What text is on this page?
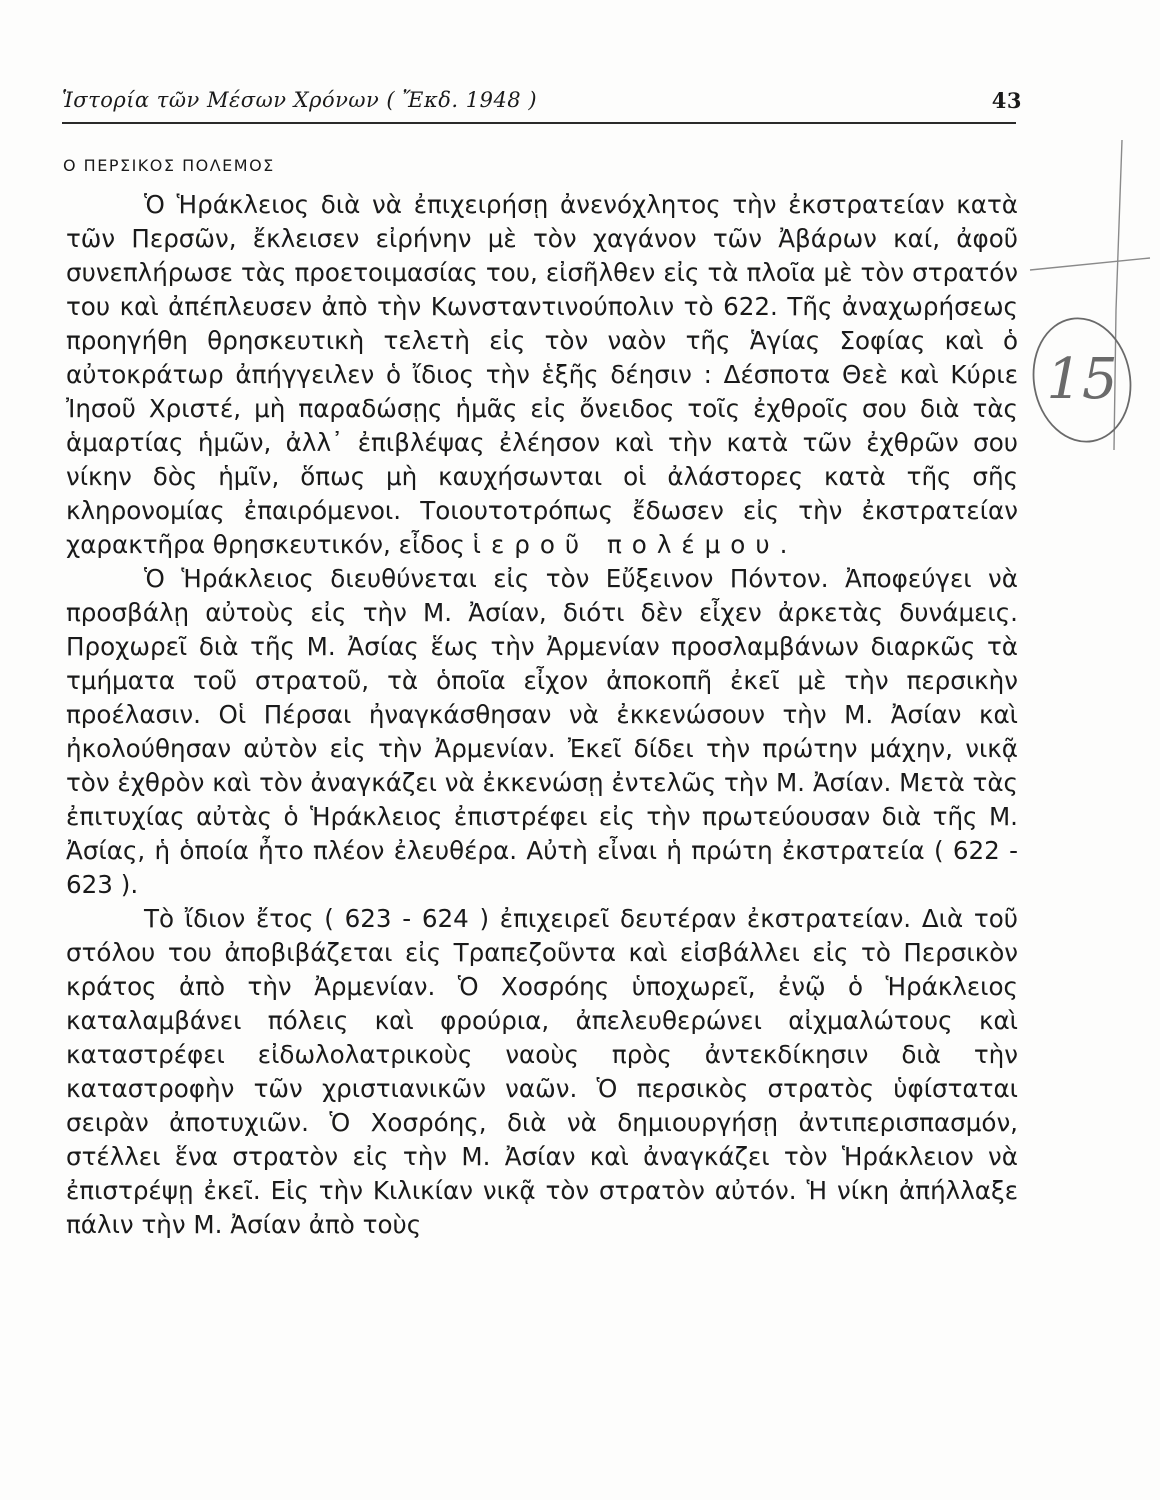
Ἱστορία τῶν Μέσων Χρόνων ( Ἔκδ. 1948 )	43
Ο ΠΕΡΣΙΚΟΣ ΠΟΛΕΜΟΣ

Ὁ Ἡράκλειος διὰ νὰ ἐπιχειρήσῃ ἀνενόχλητος τὴν ἐκστρατείαν κατὰ τῶν Περσῶν, ἔκλεισεν εἰρήνην μὲ τὸν χαγάνον τῶν Ἀβάρων καί, ἀφοῦ συνεπλήρωσε τὰς προετοιμασίας του, εἰσῆλθεν εἰς τὰ πλοῖα μὲ τὸν στρατόν του καὶ ἀπέπλευσεν ἀπὸ τὴν Κωνσταντινούπολιν τὸ 622. Τῆς ἀναχωρήσεως προηγήθη θρησκευτικὴ τελετὴ εἰς τὸν ναὸν τῆς Ἁγίας Σοφίας καὶ ὁ αὐτοκράτωρ ἀπήγγειλεν ὁ ἴδιος τὴν ἑξῆς δέησιν : Δέσποτα Θεὲ καὶ Κύριε Ἰησοῦ Χριστέ, μὴ παραδώσῃς ἡμᾶς εἰς ὄνειδος τοῖς ἐχθροῖς σου διὰ τὰς ἁμαρτίας ἡμῶν, ἀλλ᾿ ἐπιβλέψας ἐλέησον καὶ τὴν κατὰ τῶν ἐχθρῶν σου νίκην δὸς ἡμῖν, ὅπως μὴ καυχήσωνται οἱ ἀλάστορες κατὰ τῆς σῆς κληρονομίας ἐπαιρόμενοι. Τοιουτοτρόπως ἔδωσεν εἰς τὴν ἐκστρατείαν χαρακτῆρα θρησκευτικόν, εἶδος ἱεροῦ πολέμου.

Ὁ Ἡράκλειος διευθύνεται εἰς τὸν Εὔξεινον Πόντον. Ἀποφεύγει νὰ προσβάλῃ αὐτοὺς εἰς τὴν Μ. Ἀσίαν, διότι δὲν εἶχεν ἀρκετὰς δυνάμεις. Προχωρεῖ διὰ τῆς Μ. Ἀσίας ἕως τὴν Ἀρμενίαν προσλαμβάνων διαρκῶς τὰ τμήματα τοῦ στρατοῦ, τὰ ὁποῖα εἶχον ἀποκοπῆ ἐκεῖ μὲ τὴν περσικὴν προέλασιν. Οἱ Πέρσαι ἠναγκάσθησαν νὰ ἐκκενώσουν τὴν Μ. Ἀσίαν καὶ ἠκολούθησαν αὐτὸν εἰς τὴν Ἀρμενίαν. Ἐκεῖ δίδει τὴν πρώτην μάχην, νικᾷ τὸν ἐχθρὸν καὶ τὸν ἀναγκάζει νὰ ἐκκενώσῃ ἐντελῶς τὴν Μ. Ἀσίαν. Μετὰ τὰς ἐπιτυχίας αὐτὰς ὁ Ἡράκλειος ἐπιστρέφει εἰς τὴν πρωτεύουσαν διὰ τῆς Μ. Ἀσίας, ἡ ὁποία ἦτο πλέον ἐλευθέρα. Αὐτὴ εἶναι ἡ πρώτη ἐκστρατεία ( 622 - 623 ).

Τὸ ἴδιον ἔτος ( 623 - 624 ) ἐπιχειρεῖ δευτέραν ἐκστρατείαν. Διὰ τοῦ στόλου του ἀποβιβάζεται εἰς Τραπεζοῦντα καὶ εἰσβάλλει εἰς τὸ Περσικὸν κράτος ἀπὸ τὴν Ἀρμενίαν. Ὁ Χοσρόης ὑποχωρεῖ, ἐνῷ ὁ Ἡράκλειος καταλαμβάνει πόλεις καὶ φρούρια, ἀπελευθερώνει αἰχμαλώτους καὶ καταστρέφει εἰδωλολατρικοὺς ναοὺς πρὸς ἀντεκδίκησιν διὰ τὴν καταστροφὴν τῶν χριστιανικῶν ναῶν. Ὁ περσικὸς στρατὸς ὑφίσταται σειρὰν ἀποτυχιῶν. Ὁ Χοσρόης, διὰ νὰ δημιουργήσῃ ἀντιπερισπασμόν, στέλλει ἕνα στρατὸν εἰς τὴν Μ. Ἀσίαν καὶ ἀναγκάζει τὸν Ἡράκλειον νὰ ἐπιστρέψῃ ἐκεῖ. Εἰς τὴν Κιλικίαν νικᾷ τὸν στρατὸν αὐτόν. Ἡ νίκη ἀπήλλαξε πάλιν τὴν Μ. Ἀσίαν ἀπὸ τοὺς

15
